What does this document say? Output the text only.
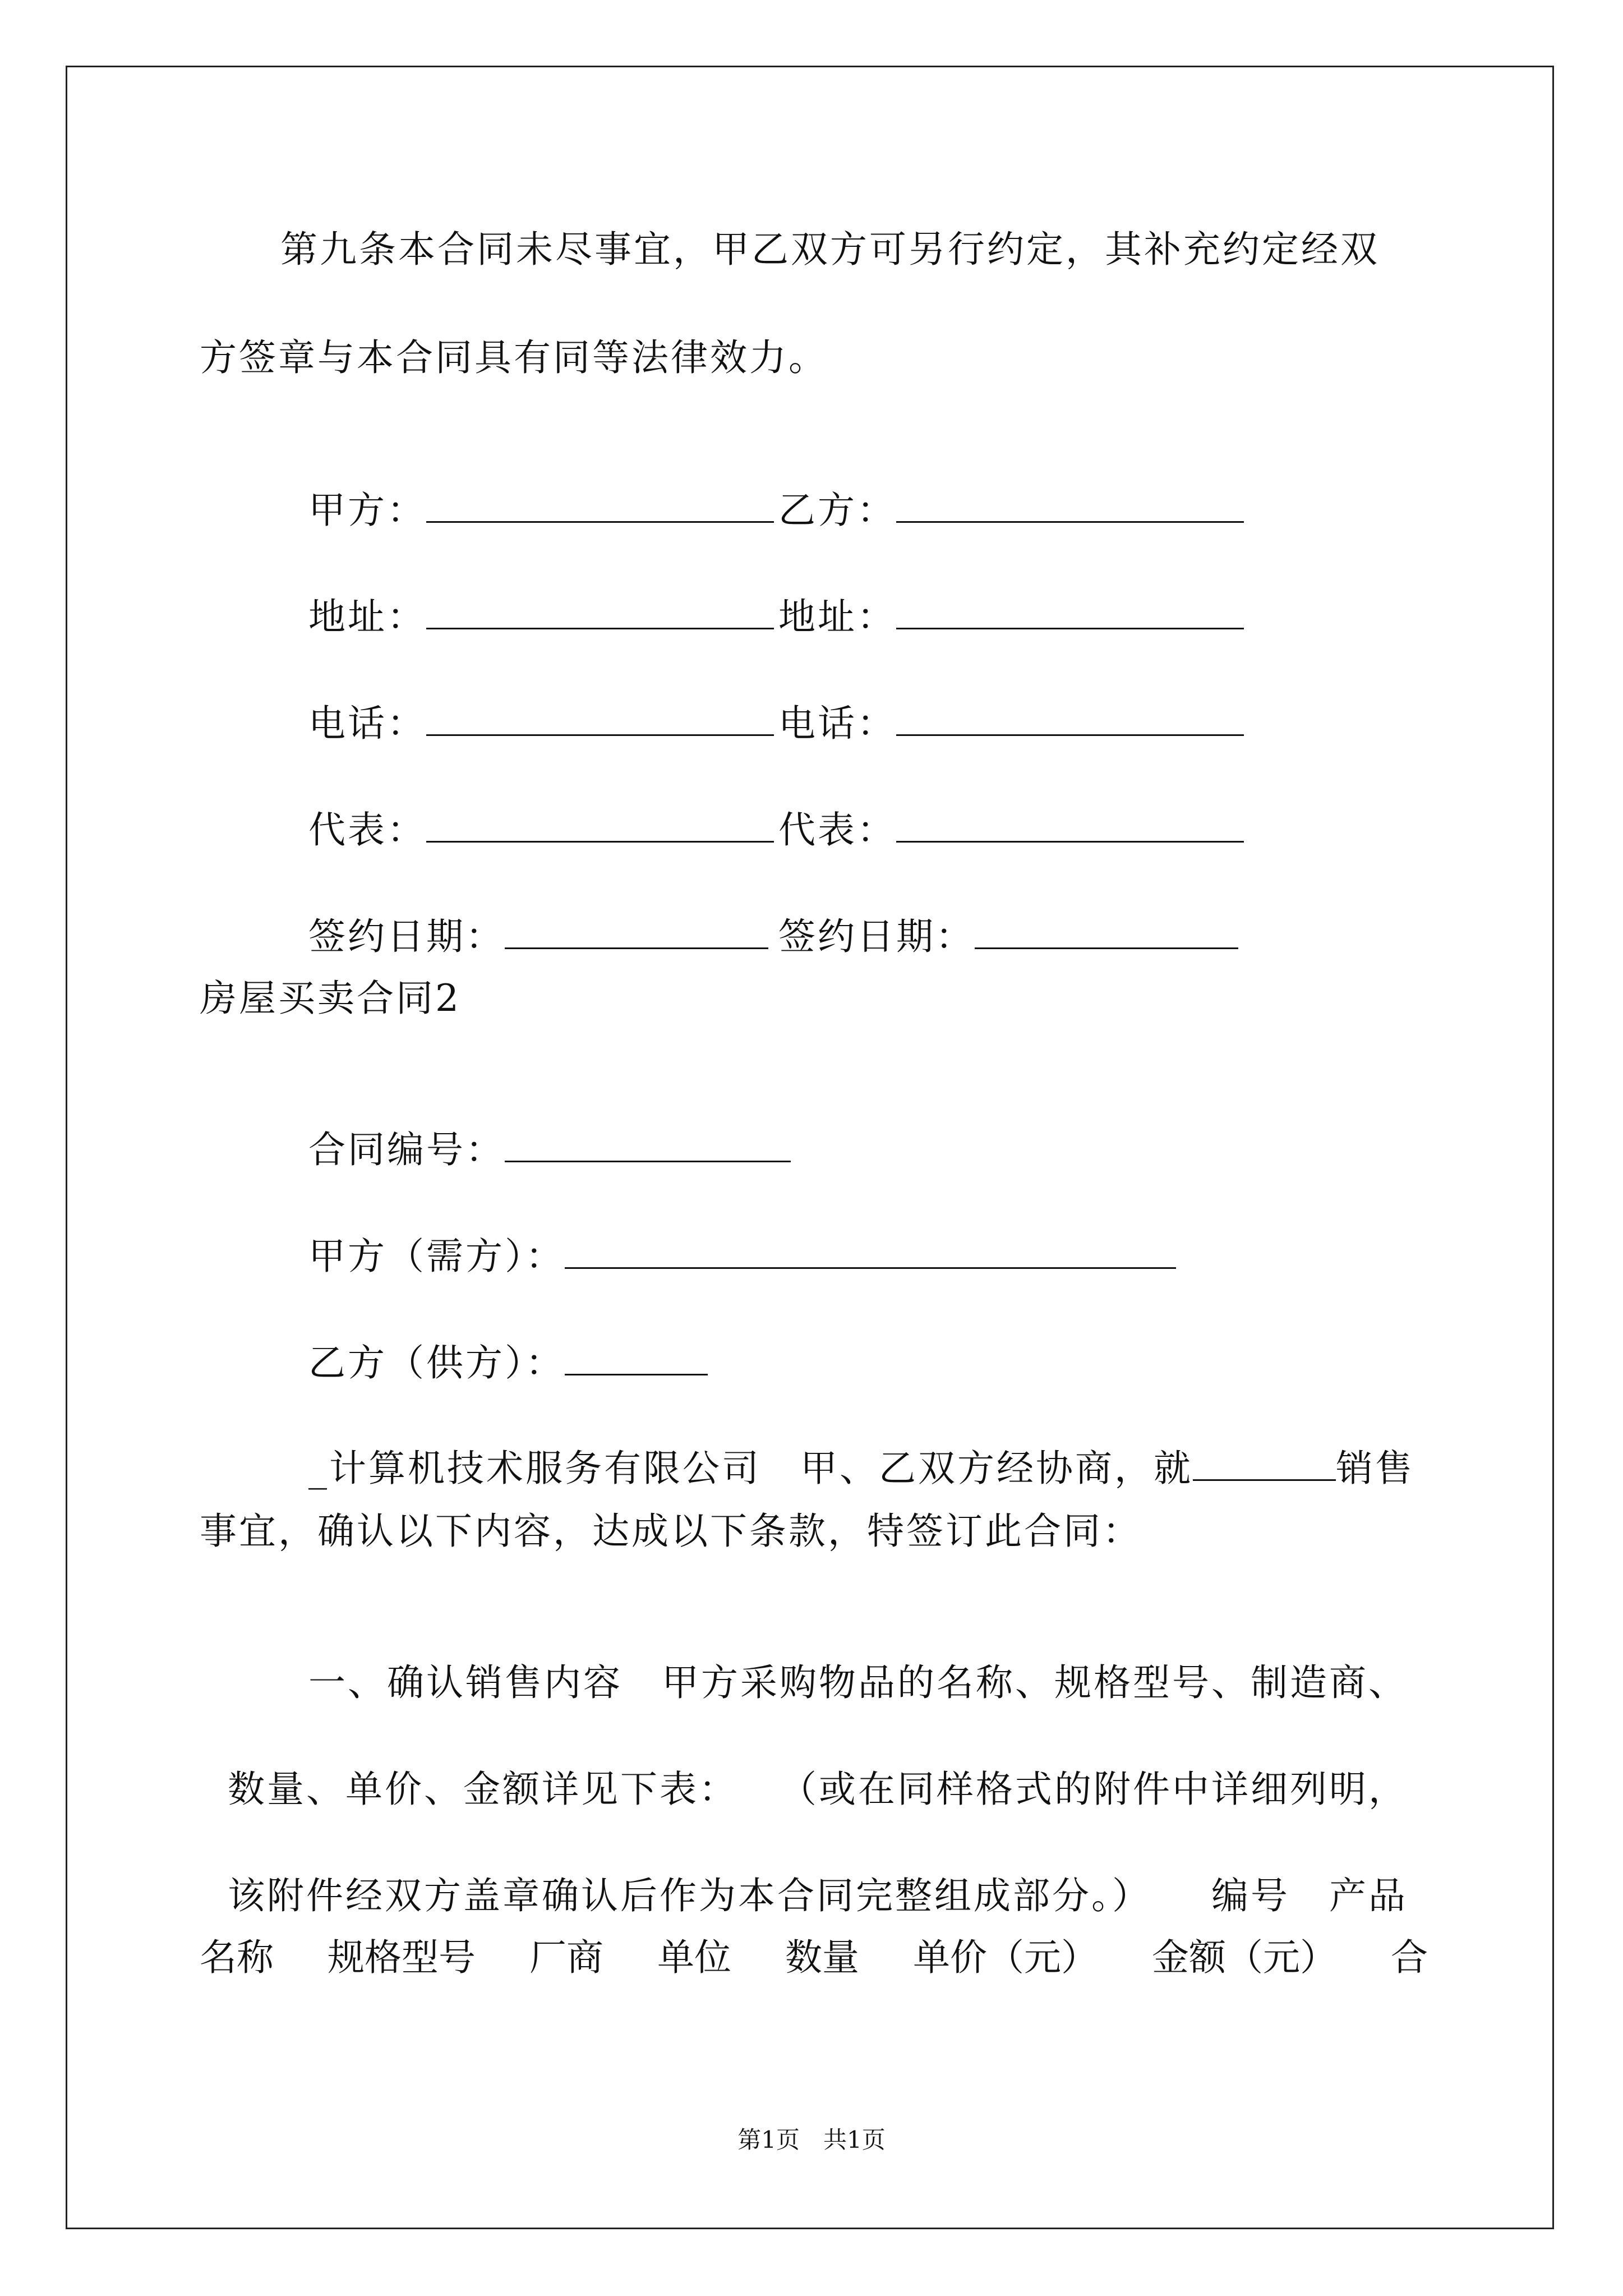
第九条本合同未尽事宜，甲乙双方可另行约定，其补充约定经双
方签章与本合同具有同等法律效力。

甲方：	乙方：

地址：	地址：

电话：	电话：

代表：	代表：

签约日期：	签约日期：

房屋买卖合同2

合同编号：

甲方（需方）：

乙方（供方）：

_计算机技术服务有限公司　 甲、乙双方经协商，就	销售

事宜，确认以下内容，达成以下条款，特签订此合同：

一、确认销售内容　 甲方采购物品的名称、规格型号、制造商、

数量、单价、金额详见下表：　　 （或在同样格式的附件中详细列明，

该附件经双方盖章确认后作为本合同完整组成部分。）　　 编号　 产品

名称 规格型号 厂商 单位 数量 单价（元） 金额（元） 合
第1页　共1页
